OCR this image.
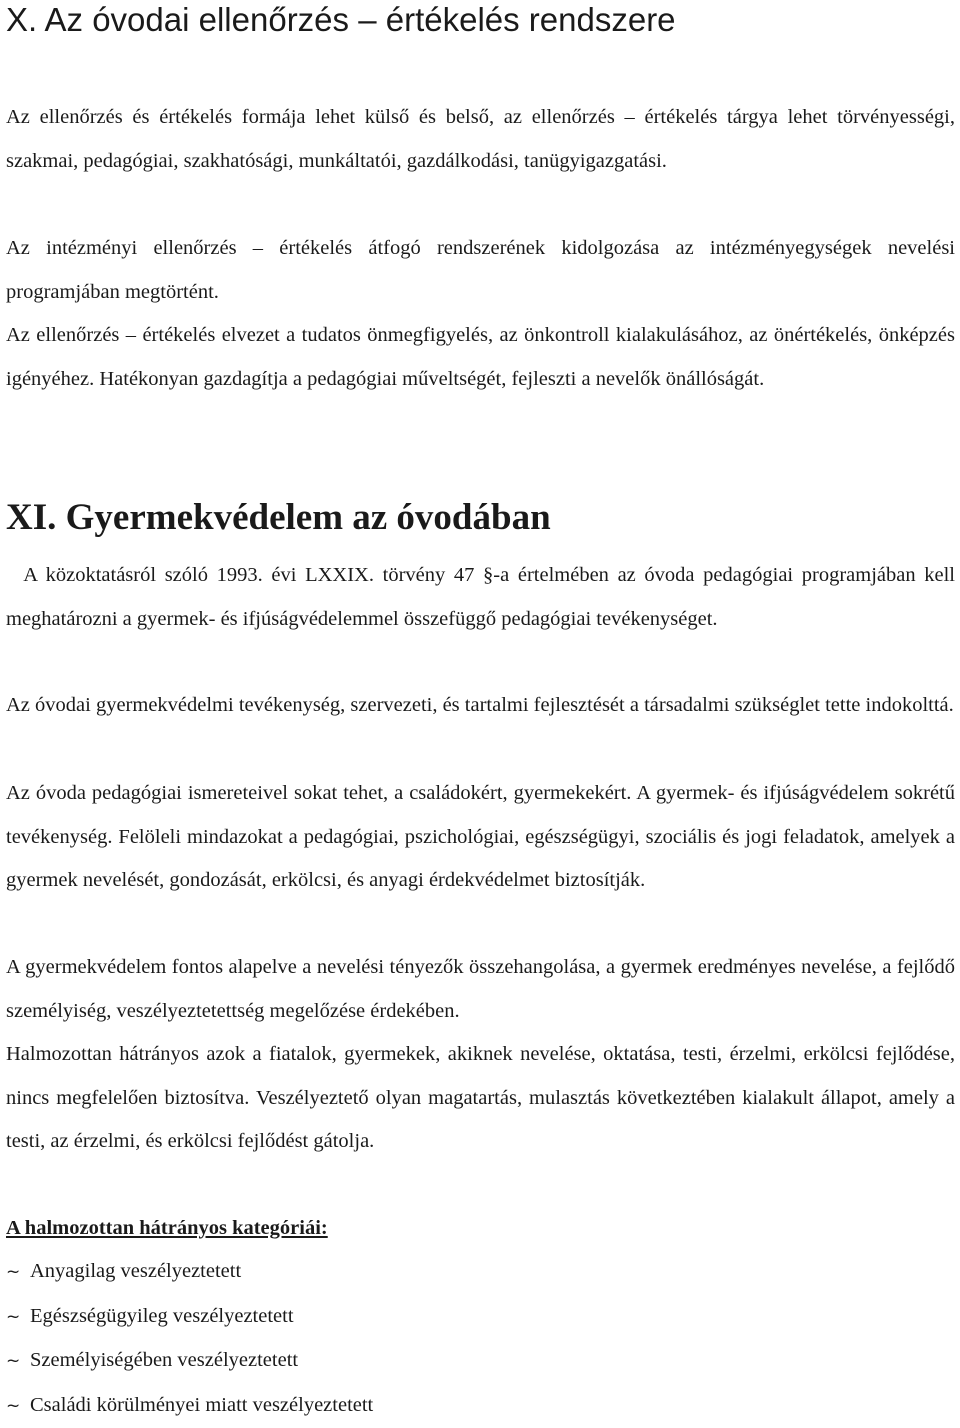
X. Az óvodai ellenőrzés – értékelés rendszere

Az ellenőrzés és értékelés formája lehet külső és belső, az ellenőrzés – értékelés tárgya lehet törvényességi, szakmai, pedagógiai, szakhatósági, munkáltatói, gazdálkodási, tanügyigazgatási.

Az intézményi ellenőrzés – értékelés átfogó rendszerének kidolgozása az intézményegységek nevelési programjában megtörtént.

Az ellenőrzés – értékelés elvezet a tudatos önmegfigyelés, az önkontroll kialakulásához, az önértékelés, önképzés igényéhez. Hatékonyan gazdagítja a pedagógiai műveltségét, fejleszti a nevelők önállóságát.

XI. Gyermekvédelem az óvodában

A közoktatásról szóló 1993. évi LXXIX. törvény 47 §-a értelmében az óvoda pedagógiai programjában kell meghatározni a gyermek- és ifjúságvédelemmel összefüggő pedagógiai tevékenységet.

Az óvodai gyermekvédelmi tevékenység, szervezeti, és tartalmi fejlesztését a társadalmi szükséglet tette indokolttá.

Az óvoda pedagógiai ismereteivel sokat tehet, a családokért, gyermekekért. A gyermek- és ifjúságvédelem sokrétű tevékenység. Felöleli mindazokat a pedagógiai, pszichológiai, egészségügyi, szociális és jogi feladatok, amelyek a gyermek nevelését, gondozását, erkölcsi, és anyagi érdekvédelmet biztosítják.

A gyermekvédelem fontos alapelve a nevelési tényezők összehangolása, a gyermek eredményes nevelése, a fejlődő személyiség, veszélyeztetettség megelőzése érdekében.

Halmozottan hátrányos azok a fiatalok, gyermekek, akiknek nevelése, oktatása, testi, érzelmi, erkölcsi fejlődése, nincs megfelelően biztosítva. Veszélyeztető olyan magatartás, mulasztás következtében kialakult állapot, amely a testi, az érzelmi, és erkölcsi fejlődést gátolja.

A halmozottan hátrányos kategóriái:

~ Anyagilag veszélyeztetett
~ Egészségügyileg veszélyeztetett
~ Személyiségében veszélyeztetett
~ Családi körülményei miatt veszélyeztetett
